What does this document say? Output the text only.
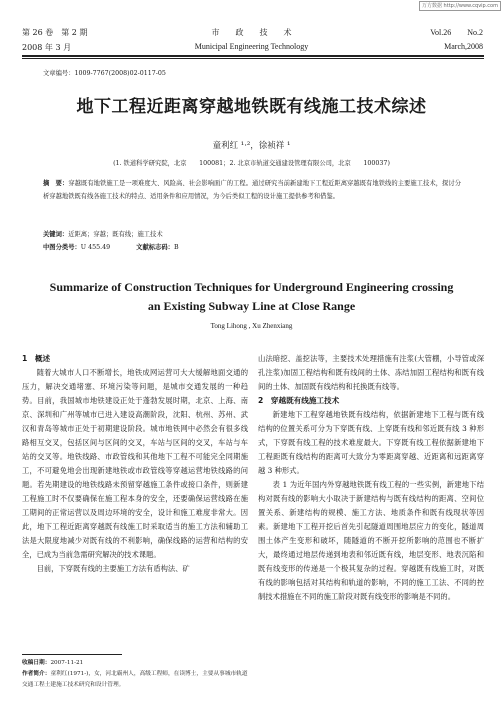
万方数据 http://www.cqvip.com
第 26 卷　第 2 期	市　　政　　技　　术	Vol.26　　No.2
2008 年 3 月	Municipal Engineering Technology	March,2008
文章编号：1009-7767(2008)02-0117-05
地下工程近距离穿越地铁既有线施工技术综述
童利红 ¹·²，徐祯祥 ¹
(1. 铁道科学研究院，北京　　100081；2. 北京市轨道交通建设管理有限公司，北京　　100037)
摘　要：穿越既有地铁施工是一项难度大、风险高、社会影响面广的工程。通过研究当前新建地下工程近距离穿越既有地铁线的主要施工技术，探讨分析穿越地铁既有线各施工技术的特点、适用条件和应用情况，为今后类似工程的设计施工提供参考和借鉴。
关键词：近距离；穿越；既有线；施工技术
中图分类号：U 455.49	文献标志码：B
Summarize of Construction Techniques for Underground Engineering crossing
an Existing Subway Line at Close Range
Tong Lihong , Xu Zhenxiang
1　概述

随着大城市人口不断增长，地铁成网运营可大大缓解地面交通的压力，解决交通堵塞、环境污染等问题，是城市交通发展的一种趋势。目前，我国城市地铁建设正处于蓬勃发展时期，北京、上海、南京、深圳和广州等城市已进入建设高潮阶段，沈阳、杭州、苏州、武汉和青岛等城市正处于初期建设阶段。城市地铁网中必然会有很多线路相互交叉，包括区间与区间的交叉，车站与区间的交叉，车站与车站的交叉等。地铁线路、市政管线和其他地下工程不可能完全同期施工，不可避免地会出现新建地铁或市政管线等穿越运营地铁线路的问题。若先期建设的地铁线路未预留穿越施工条件或接口条件，则新建工程施工时不仅要确保在施工程本身的安全，还要确保运营线路在施工期间的正常运营以及周边环境的安全，设计和施工难度非常大。因此，地下工程近距离穿越既有线施工时采取适当的施工方法和辅助工法是大限度地减少对既有线的不利影响，确保线路的运营和结构的安全，已成为当前急需研究解决的技术课题。

目前，下穿既有线的主要施工方法有盾构法、矿

收稿日期：2007-11-21
作者简介：童利红(1971-)，女，河北霸州人，高级工程师，在读博士，主要从事城市轨道交通工程土建施工技术研究和设计管理。

山法暗挖、盖挖法等，主要技术处理措施有注浆(大管棚，小导管或深孔注浆)加固工程结构和既有线间的土体、冻结加固工程结构和既有线间的土体、加固既有线结构和托换既有线等。

2　穿越既有线施工技术

新建地下工程穿越地铁既有线结构，依据新建地下工程与既有线结构的位置关系可分为下穿既有线、上穿既有线和邻近既有线 3 种形式，下穿既有线工程的技术难度最大。下穿既有线工程依据新建地下工程距既有线结构的距离可大致分为零距离穿越、近距离和远距离穿越 3 种形式。

表 1 为近年国内外穿越地铁既有线工程的一些实例，新建地下结构对既有线的影响大小取决于新建结构与既有线结构的距离、空间位置关系、新建结构的规模、施工方法、地质条件和既有线现状等因素。新建地下工程开挖后首先引起隧道周围地层应力的变化，隧道周围土体产生变形和破坏，随隧道的不断开挖所影响的范围也不断扩大，最终通过地层传递到地表和邻近既有线，地层变形、地表沉陷和既有线变形的传递是一个极其复杂的过程。穿越既有线施工时，对既有线的影响包括对其结构和轨道的影响，不同的施工工法、不同的控制技术措施在不同的施工阶段对既有线变形的影响是不同的。
